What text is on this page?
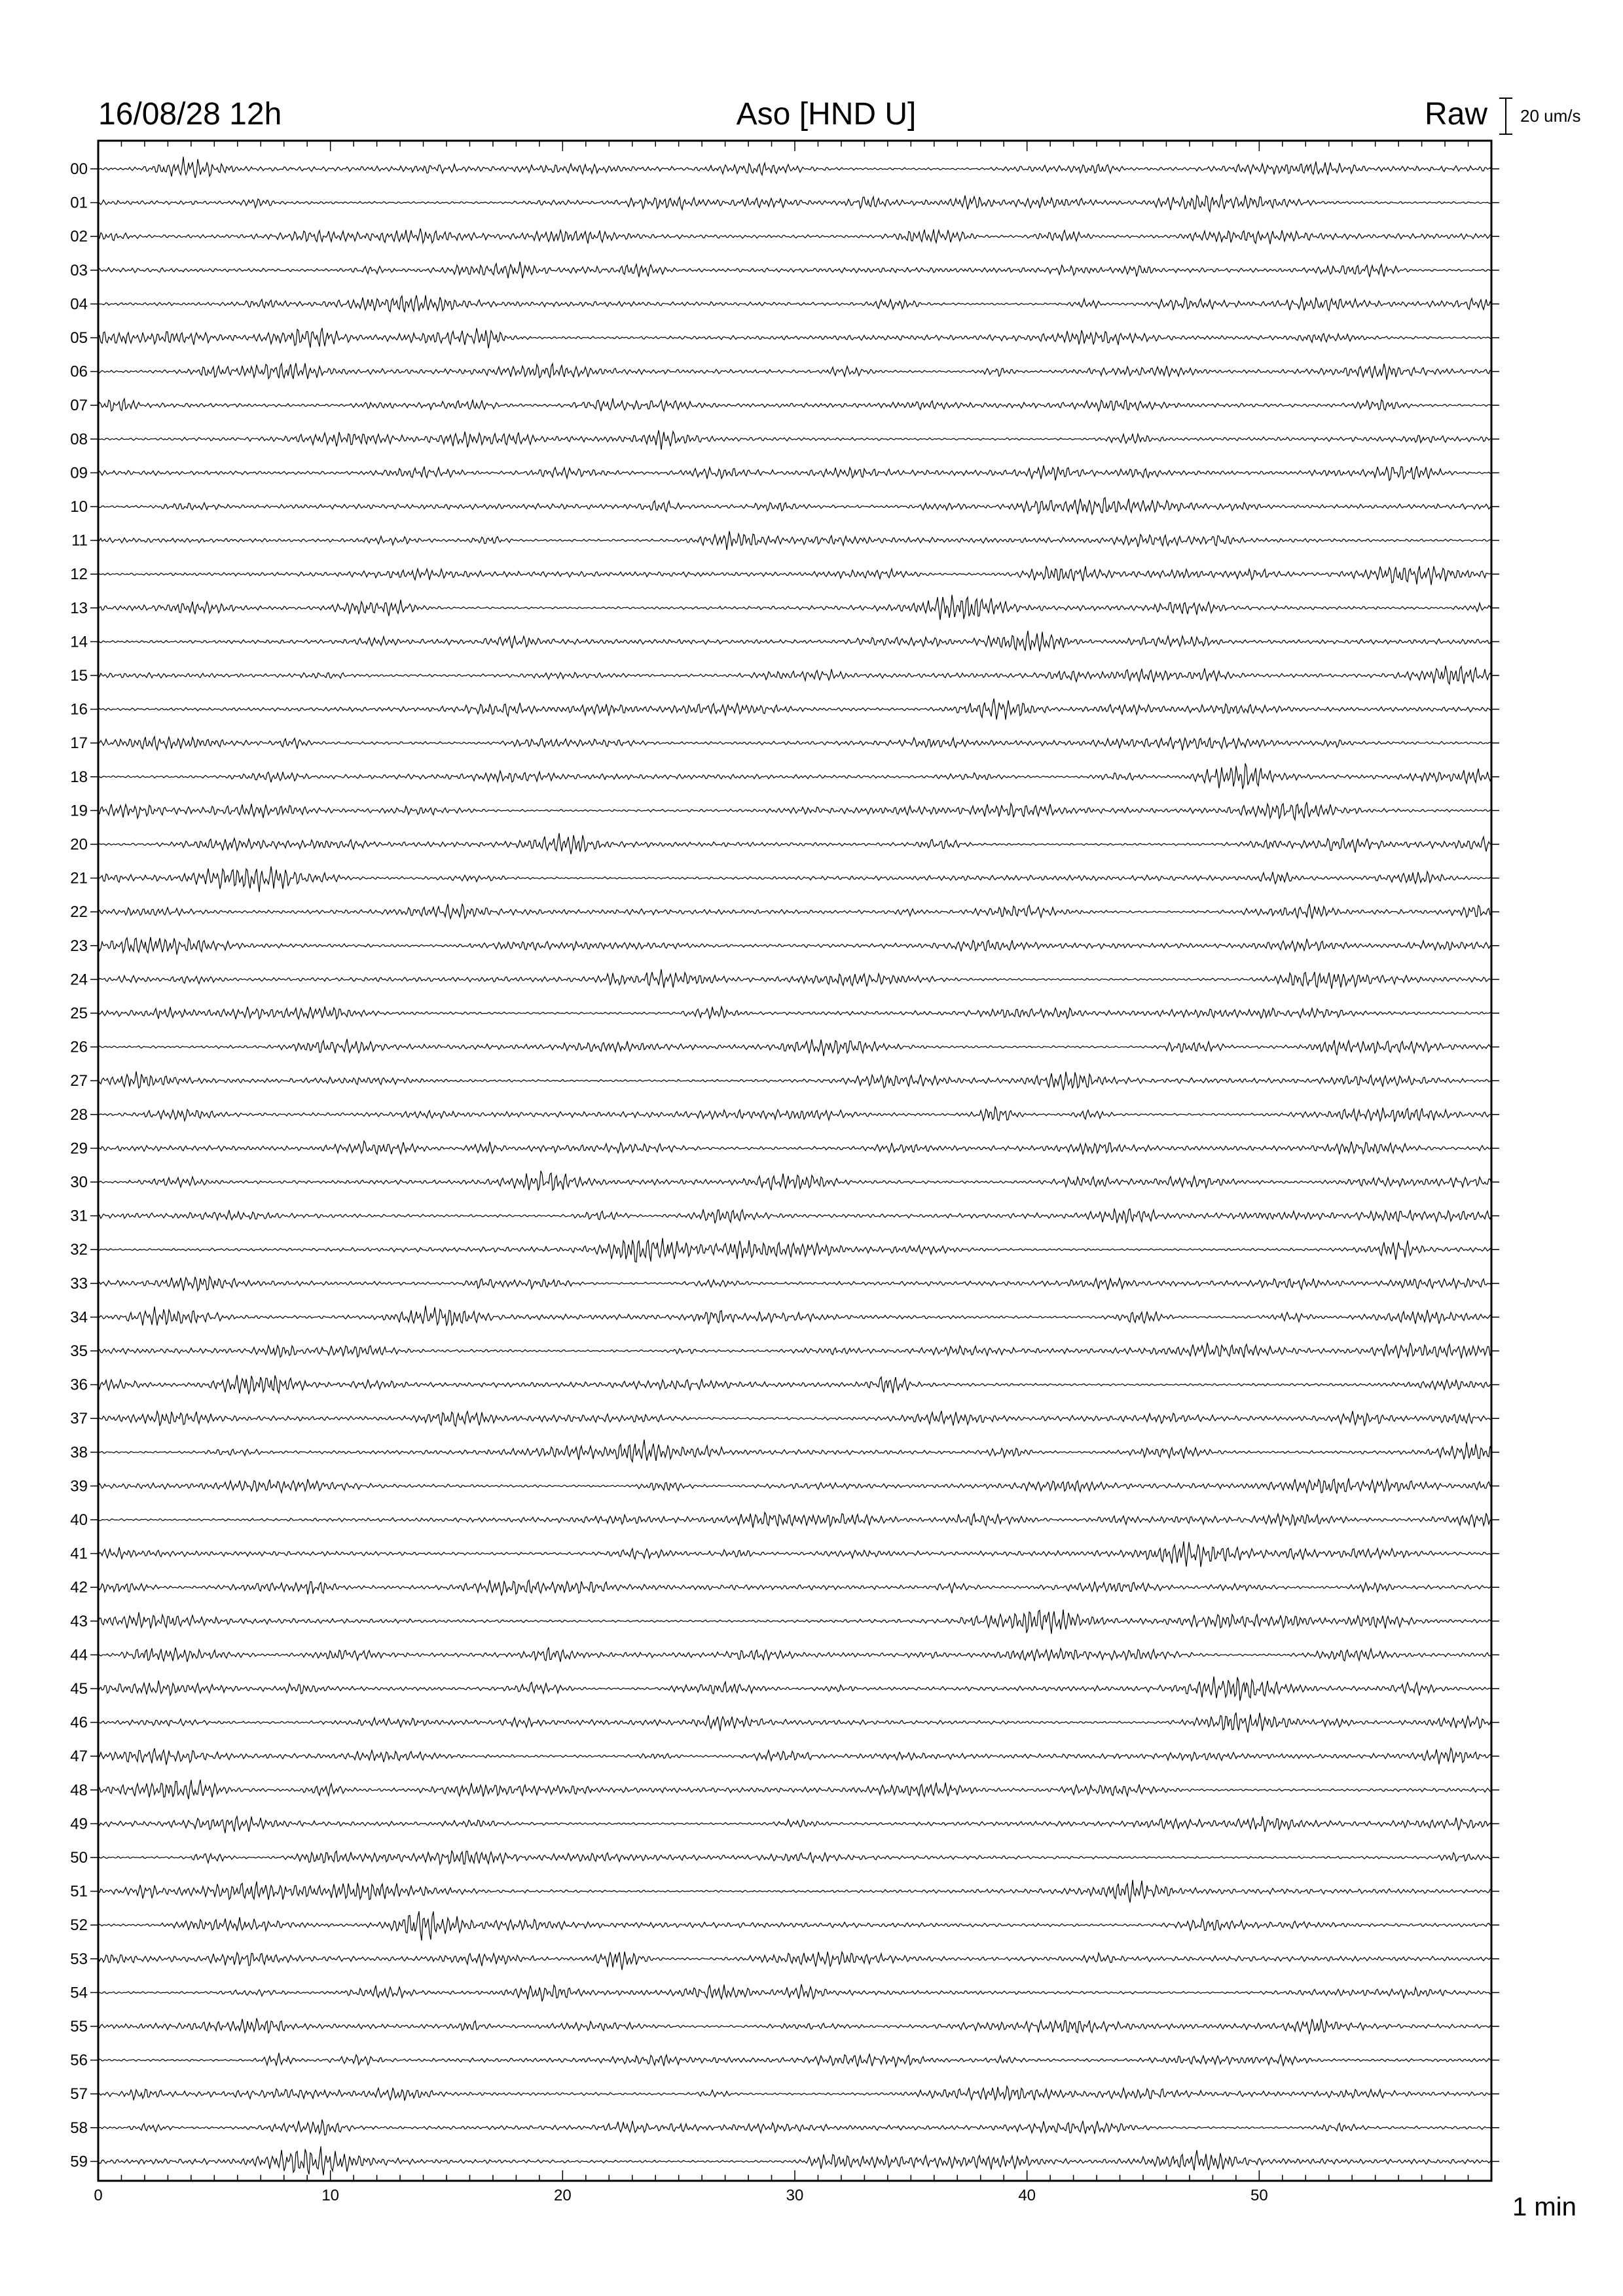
16/08/28 12h	Aso [HND U]	Raw 20 um/s
00
01
02
03
04
05
06
07
08
09
10
11
12
13
14
15
16
17
18
19
20
21
22
23
24
25
26
27
28
29
30
31
32
33
34
35
36
37
38
39
40
41
42
43
44
45
46
47
48
49
50
51
52
53
54
55
56
57
58
59
0	10	20	30	40	50	1 min
